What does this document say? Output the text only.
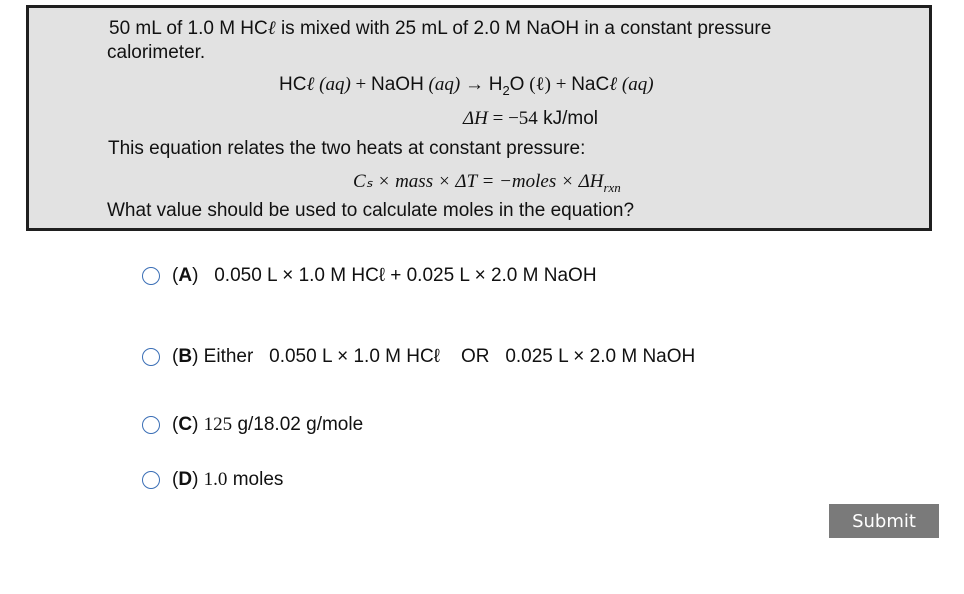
50 mL of 1.0 M HCℓ is mixed with 25 mL of 2.0 M NaOH in a constant pressure
calorimeter.
HCℓ (aq) + NaOH $(aq) \to H_2O$ (ℓ) + NaCℓ (aq)
ΔH = −54 kJ/mol
This equation relates the two heats at constant pressure:
Cₛ × mass × ΔT = −moles × $\Delta H_{rxn}$
What value should be used to calculate moles in the equation?
(A)   0.050 L × 1.0 M HCℓ + 0.025 L × 2.0 M NaOH
(B) Either   0.050 L × 1.0 M HCℓ    OR   0.025 L × 2.0 M NaOH
(C) 125 g/18.02 g/mole
(D) 1.0 moles
Submit
